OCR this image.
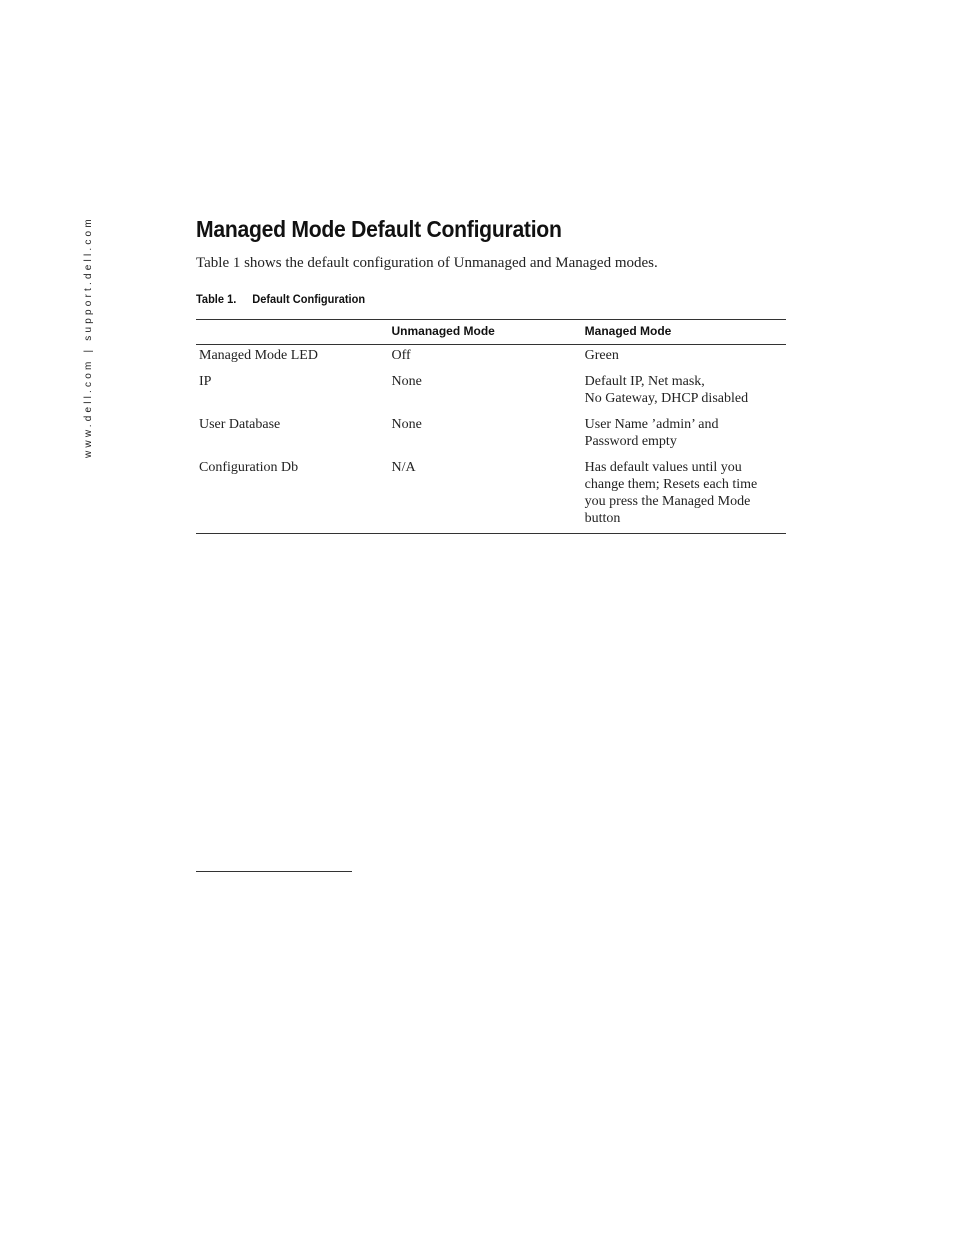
www.dell.com | support.dell.com	Managed Mode Default Configuration

Table 1 shows the default configuration of Unmanaged and Managed modes.

Table 1. Default Configuration
	Unmanaged Mode	Managed Mode
Managed Mode LED	Off	Green

IP	None	Default IP, Net mask,
No Gateway, DHCP disabled

User Database	None	User Name ’admin’ and
Password empty

Configuration Db	N/A	Has default values until you
change them; Resets each time
you press the Managed Mode
button
